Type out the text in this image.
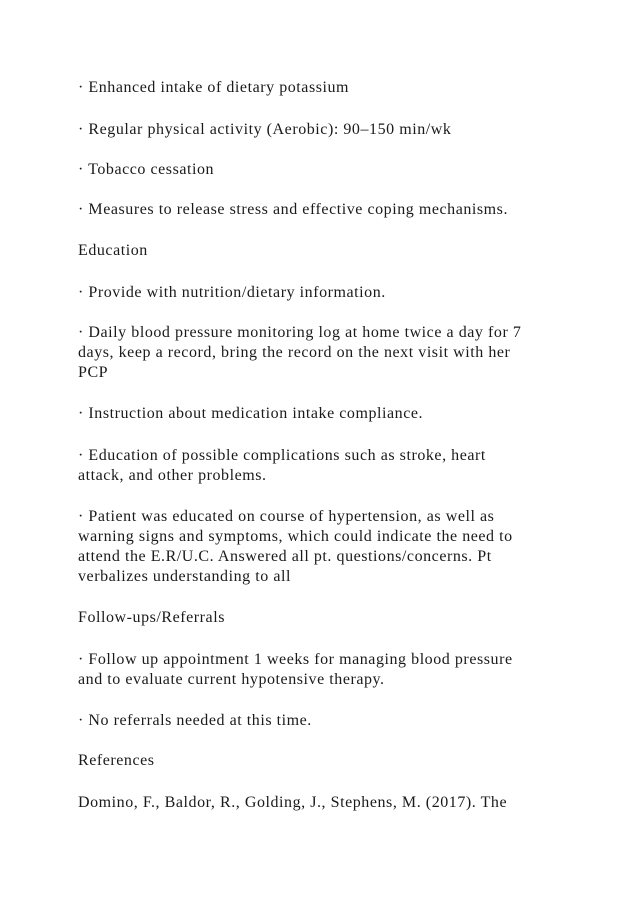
· Enhanced intake of dietary potassium

· Regular physical activity (Aerobic): 90–150 min/wk

· Tobacco cessation

· Measures to release stress and effective coping mechanisms.

Education

· Provide with nutrition/dietary information.

· Daily blood pressure monitoring log at home twice a day for 7

days, keep a record, bring the record on the next visit with her

PCP

· Instruction about medication intake compliance.

· Education of possible complications such as stroke, heart

attack, and other problems.

· Patient was educated on course of hypertension, as well as

warning signs and symptoms, which could indicate the need to

attend the E.R/U.C. Answered all pt. questions/concerns. Pt

verbalizes understanding to all

Follow-ups/Referrals

· Follow up appointment 1 weeks for managing blood pressure

and to evaluate current hypotensive therapy.

· No referrals needed at this time.

References

Domino, F., Baldor, R., Golding, J., Stephens, M. (2017). The
